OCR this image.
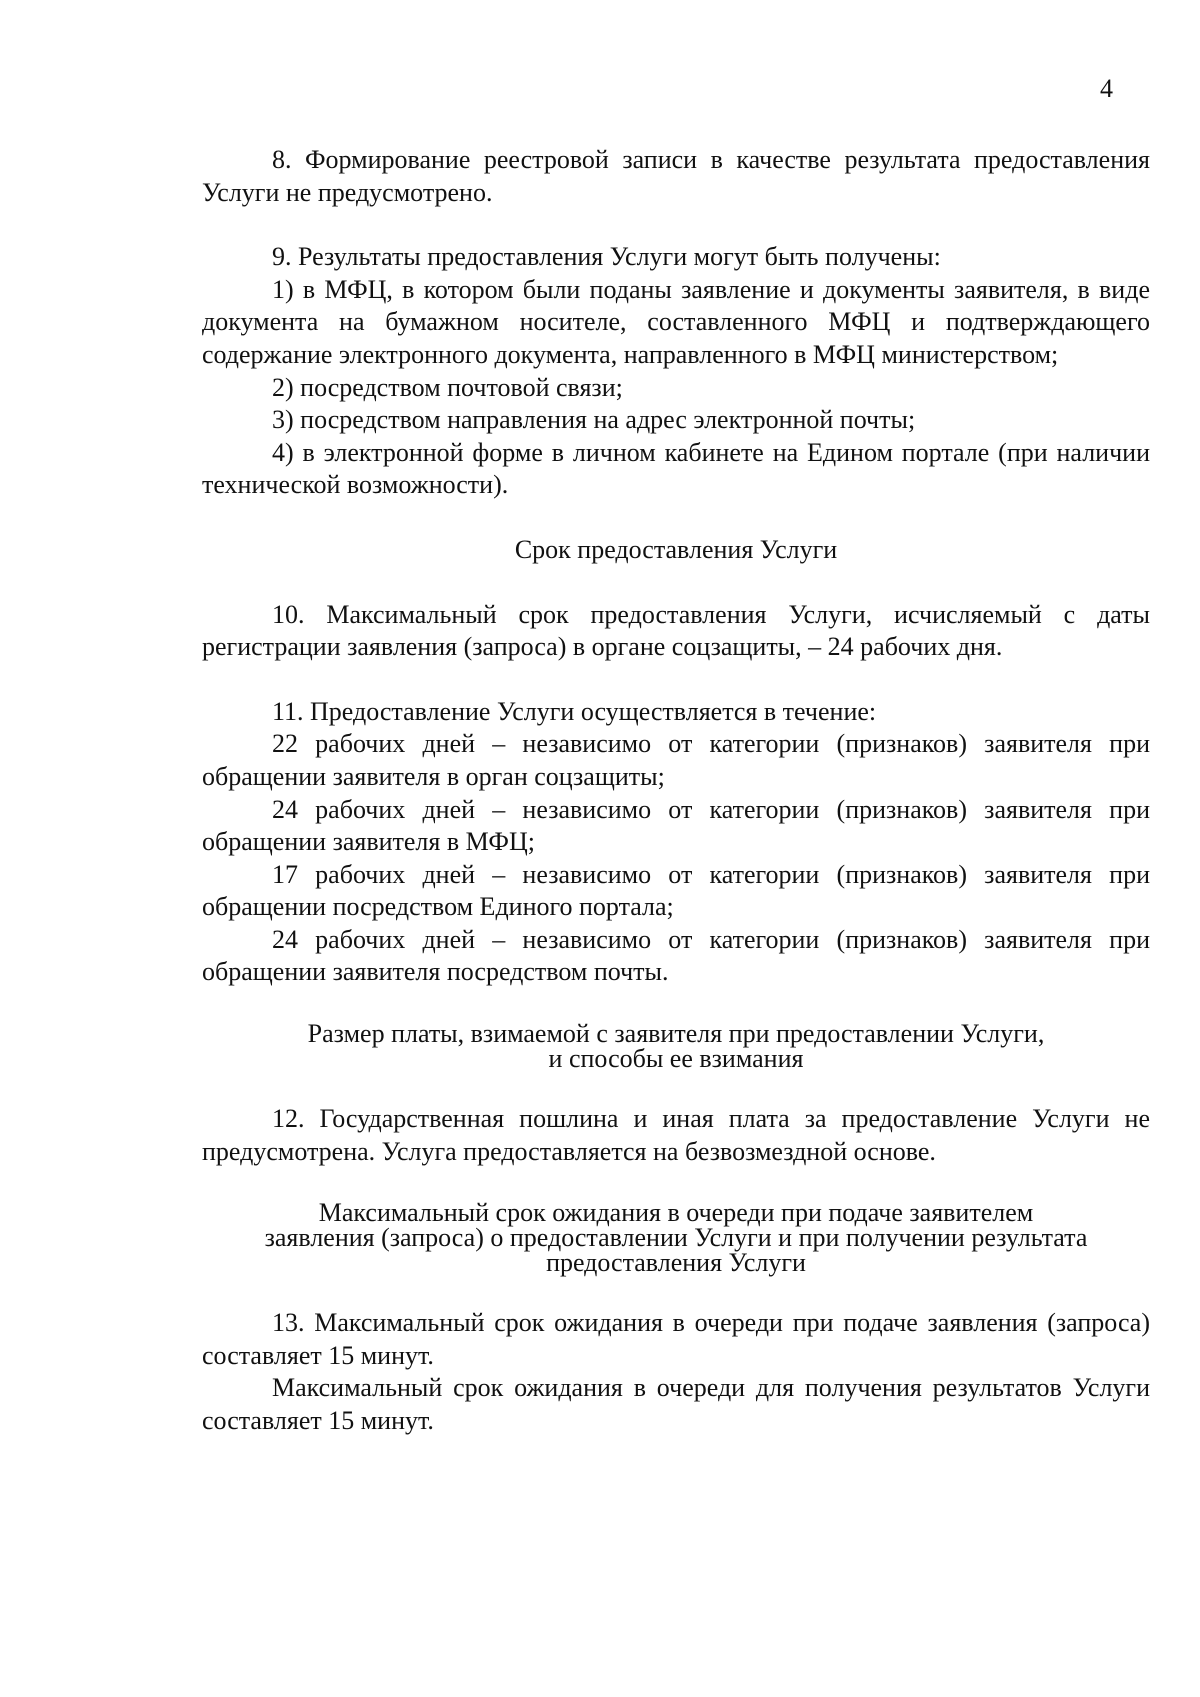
4

8. Формирование реестровой записи в качестве результата предоставления Услуги не предусмотрено.

9. Результаты предоставления Услуги могут быть получены:

1) в МФЦ, в котором были поданы заявление и документы заявителя, в виде документа на бумажном носителе, составленного МФЦ и подтверждающего содержание электронного документа, направленного в МФЦ министерством;

2) посредством почтовой связи;

3) посредством направления на адрес электронной почты;

4) в электронной форме в личном кабинете на Едином портале (при наличии технической возможности).

Срок предоставления Услуги

10. Максимальный срок предоставления Услуги, исчисляемый с даты регистрации заявления (запроса) в органе соцзащиты, – 24 рабочих дня.

11. Предоставление Услуги осуществляется в течение:

22 рабочих дней – независимо от категории (признаков) заявителя при обращении заявителя в орган соцзащиты;

24 рабочих дней – независимо от категории (признаков) заявителя при обращении заявителя в МФЦ;

17 рабочих дней – независимо от категории (признаков) заявителя при обращении посредством Единого портала;

24 рабочих дней – независимо от категории (признаков) заявителя при обращении заявителя посредством почты.

Размер платы, взимаемой с заявителя при предоставлении Услуги,

и способы ее взимания

12. Государственная пошлина и иная плата за предоставление Услуги не предусмотрена. Услуга предоставляется на безвозмездной основе.

Максимальный срок ожидания в очереди при подаче заявителем

заявления (запроса) о предоставлении Услуги и при получении результата

предоставления Услуги

13. Максимальный срок ожидания в очереди при подаче заявления (запроса) составляет 15 минут.

Максимальный срок ожидания в очереди для получения результатов Услуги составляет 15 минут.
